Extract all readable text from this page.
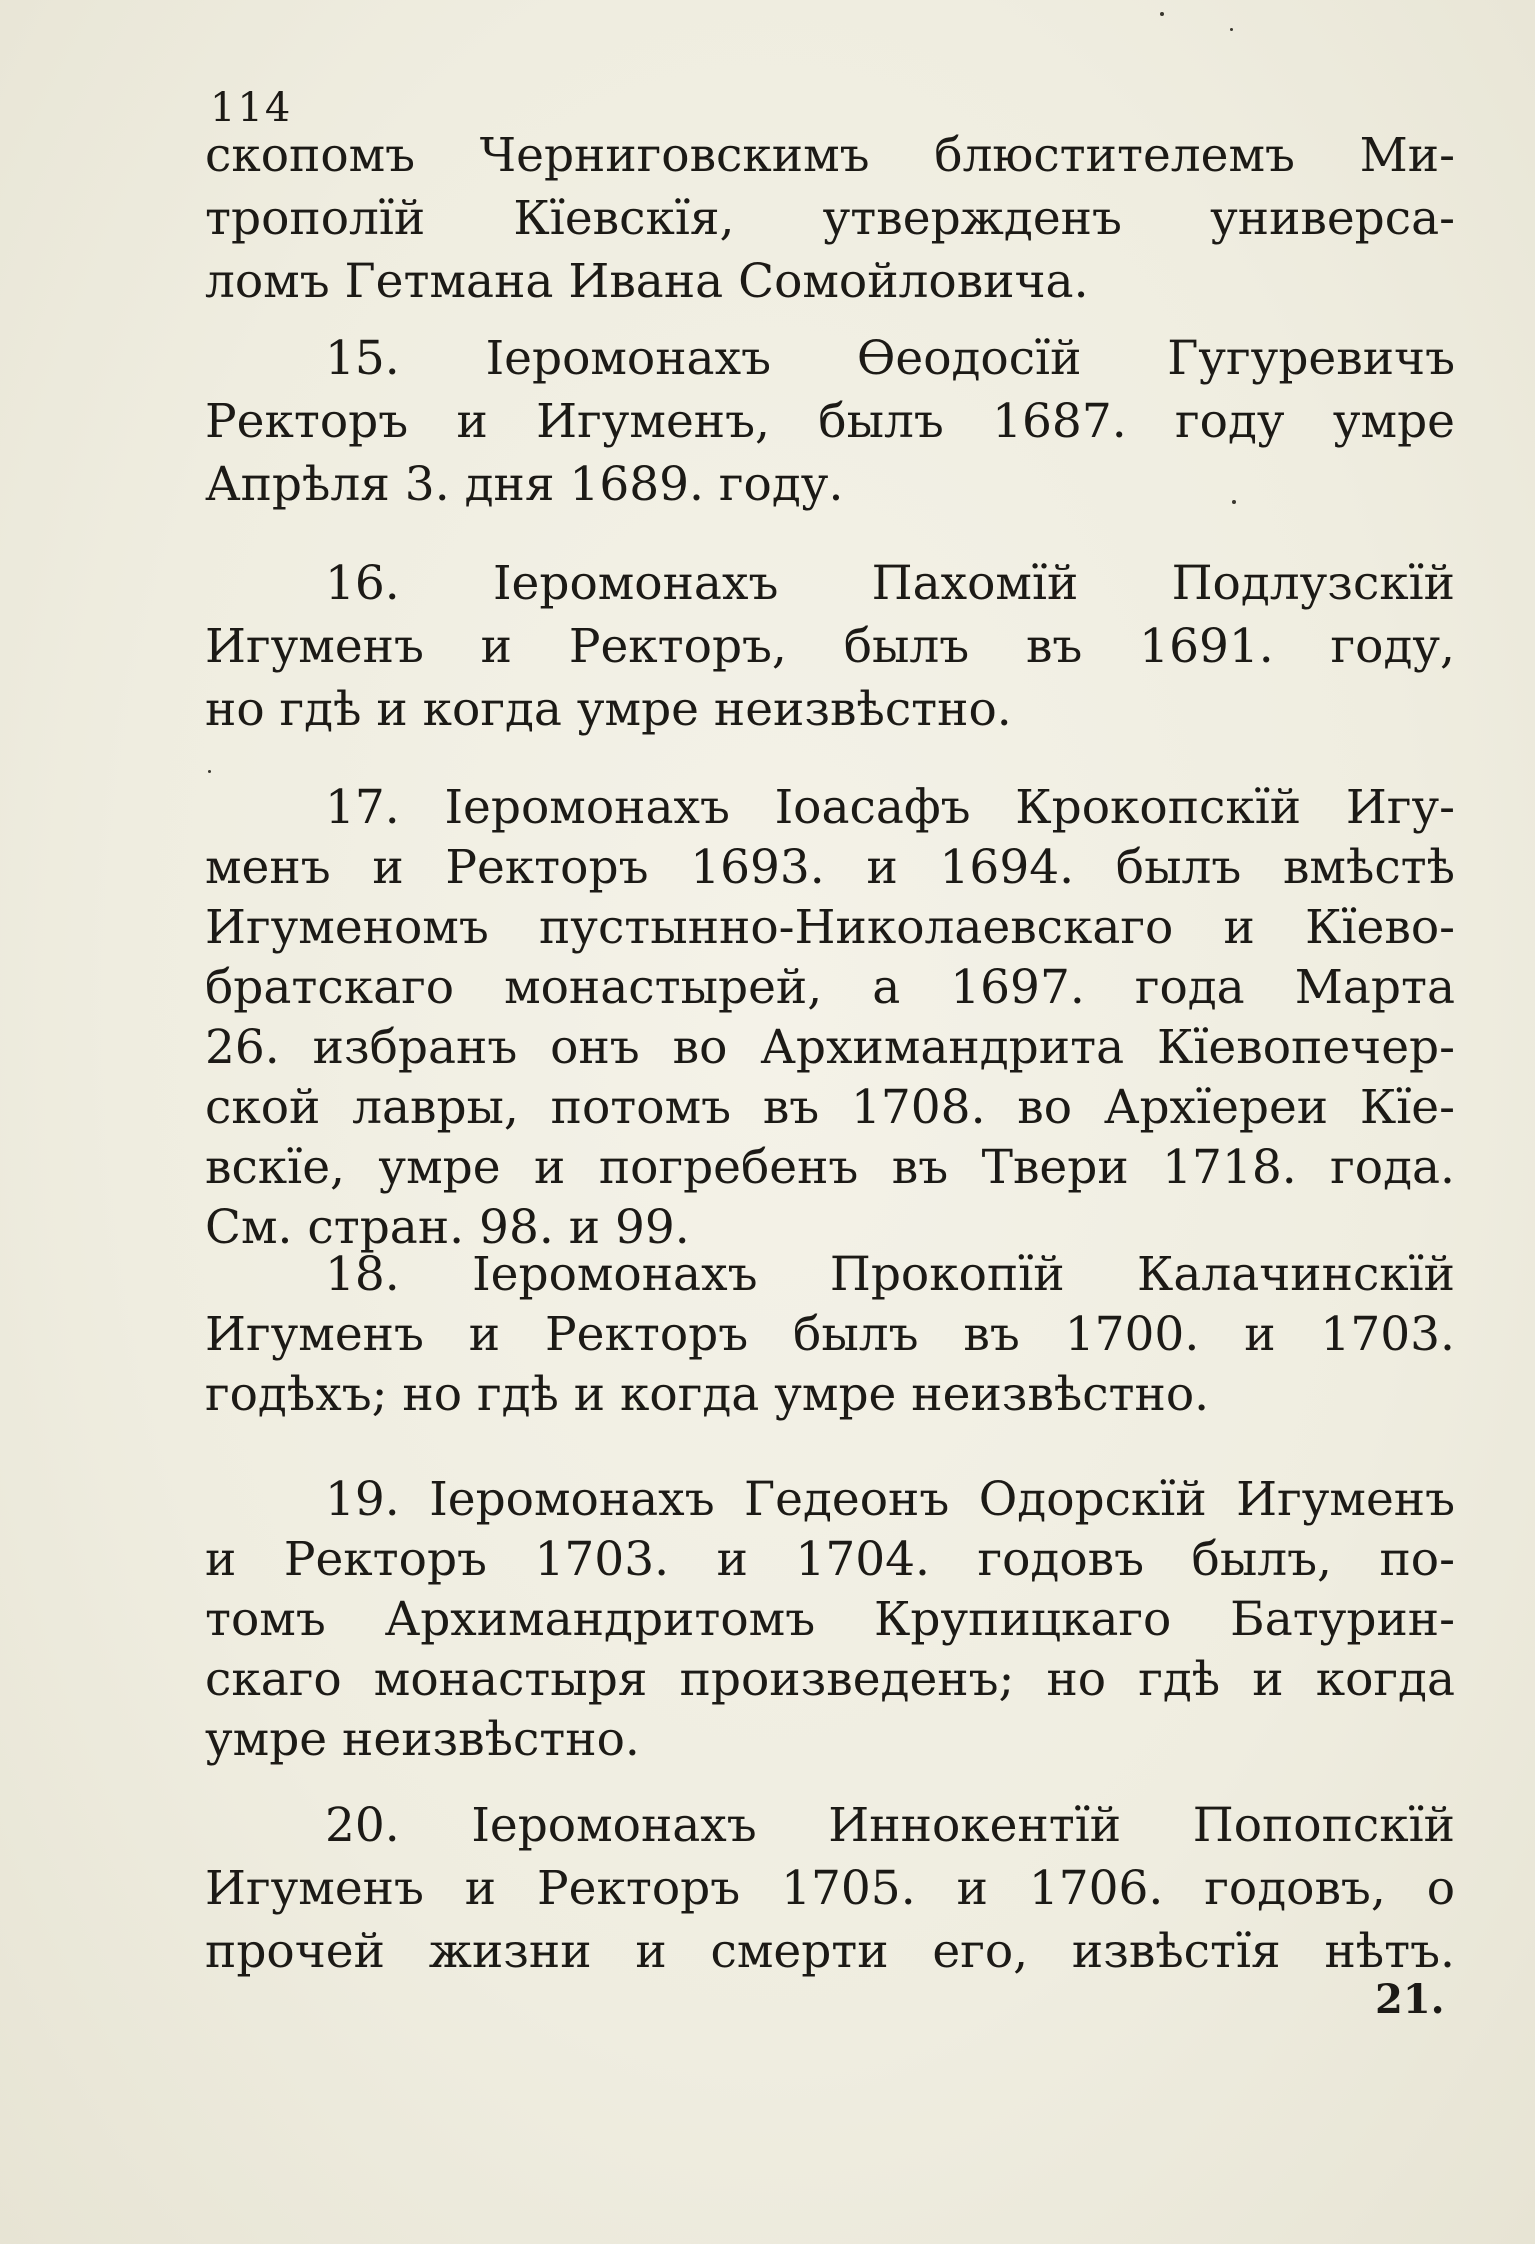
114
скопомъ Черниговскимъ блюстителемъ Ми-
трополїй Кїевскїя, утвержденъ универса-
ломъ Гетмана Ивана Сомойловича.
15. Іеромонахъ Ѳеодосїй Гугуревичъ
Ректоръ и Игуменъ, былъ 1687. году умре
Апрѣля 3. дня 1689. году.
16. Іеромонахъ Пахомїй Подлузскїй
Игуменъ и Ректоръ, былъ въ 1691. году,
но гдѣ и когда умре неизвѣстно.
17. Іеромонахъ Іоасафъ Крокопскїй Игу-
менъ и Ректоръ 1693. и 1694. былъ вмѣстѣ
Игуменомъ пустынно-Николаевскаго и Кїево-
братскаго монастырей, а 1697. года Марта
26. избранъ онъ во Архимандрита Кїевопечер-
ской лавры, потомъ въ 1708. во Архїереи Кїе-
вскїе, умре и погребенъ въ Твери 1718. года.
См. стран. 98. и 99.
18. Іеромонахъ Прокопїй Калачинскїй
Игуменъ и Ректоръ былъ въ 1700. и 1703.
годѣхъ; но гдѣ и когда умре неизвѣстно.
19. Іеромонахъ Гедеонъ Одорскїй Игуменъ
и Ректоръ 1703. и 1704. годовъ былъ, по-
томъ Архимандритомъ Крупицкаго Батурин-
скаго монастыря произведенъ; но гдѣ и когда
умре неизвѣстно.
20. Іеромонахъ Иннокентїй Попопскїй
Игуменъ и Ректоръ 1705. и 1706. годовъ, о
прочей жизни и смерти его, извѣстїя нѣтъ.
21.
